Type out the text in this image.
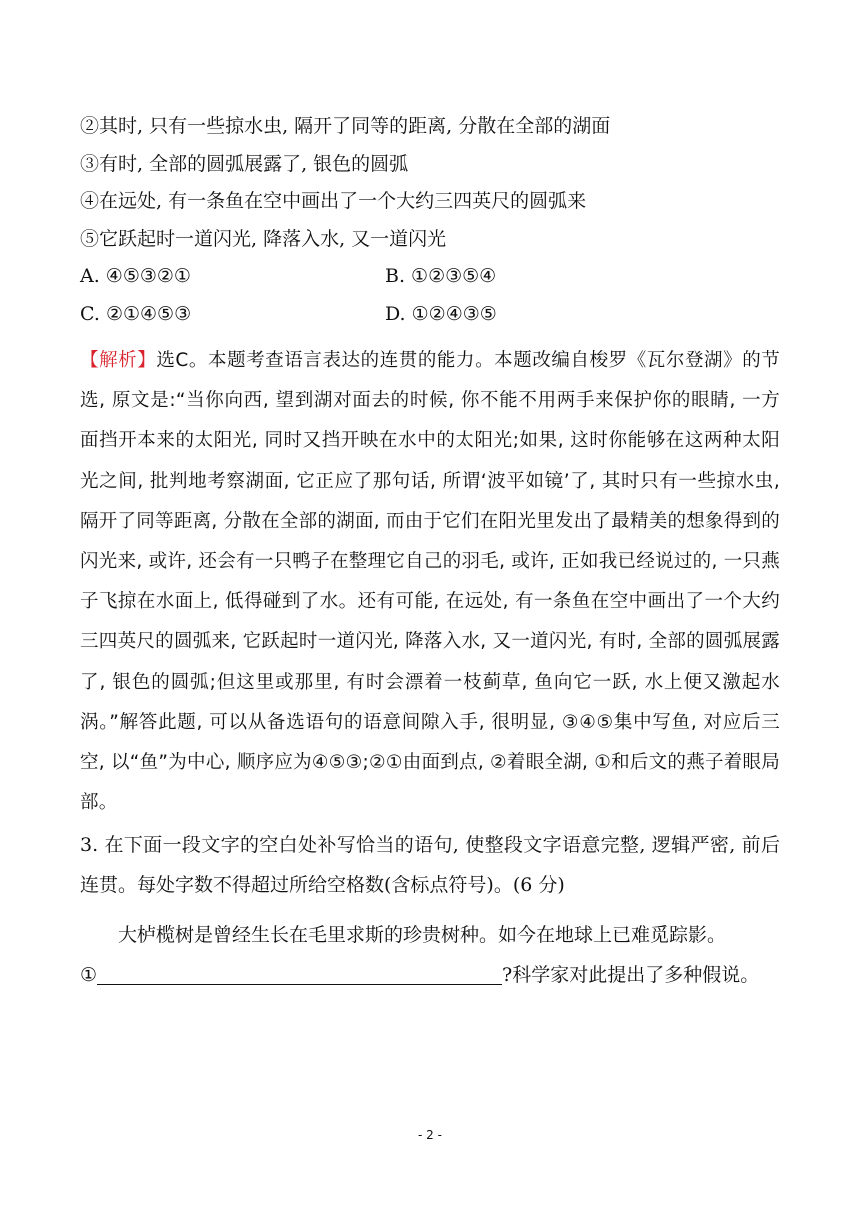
②其时, 只有一些掠水虫, 隔开了同等的距离, 分散在全部的湖面
③有时, 全部的圆弧展露了, 银色的圆弧
④在远处, 有一条鱼在空中画出了一个大约三四英尺的圆弧来
⑤它跃起时一道闪光, 降落入水, 又一道闪光
A. ④⑤③②①	B. ①②③⑤④
C. ②①④⑤③	D. ①②④③⑤
【解析】选C。本题考查语言表达的连贯的能力。本题改编自梭罗《瓦尔登湖》的节选, 原文是:“当你向西, 望到湖对面去的时候, 你不能不用两手来保护你的眼睛, 一方面挡开本来的太阳光, 同时又挡开映在水中的太阳光;如果, 这时你能够在这两种太阳光之间, 批判地考察湖面, 它正应了那句话, 所谓‘波平如镜’了, 其时只有一些掠水虫, 隔开了同等距离, 分散在全部的湖面, 而由于它们在阳光里发出了最精美的想象得到的闪光来, 或许, 还会有一只鸭子在整理它自己的羽毛, 或许, 正如我已经说过的, 一只燕子飞掠在水面上, 低得碰到了水。还有可能, 在远处, 有一条鱼在空中画出了一个大约三四英尺的圆弧来, 它跃起时一道闪光, 降落入水, 又一道闪光, 有时, 全部的圆弧展露了, 银色的圆弧;但这里或那里, 有时会漂着一枝蓟草, 鱼向它一跃, 水上便又激起水涡。”解答此题, 可以从备选语句的语意间隙入手, 很明显, ③④⑤集中写鱼, 对应后三空, 以“鱼”为中心, 顺序应为④⑤③;②①由面到点, ②着眼全湖, ①和后文的燕子着眼局部。
3. 在下面一段文字的空白处补写恰当的语句, 使整段文字语意完整, 逻辑严密, 前后连贯。每处字数不得超过所给空格数(含标点符号)。(6 分)
大栌榄树是曾经生长在毛里求斯的珍贵树种。如今在地球上已难觅踪影。
①	?科学家对此提出了多种假说。
- 2 -
